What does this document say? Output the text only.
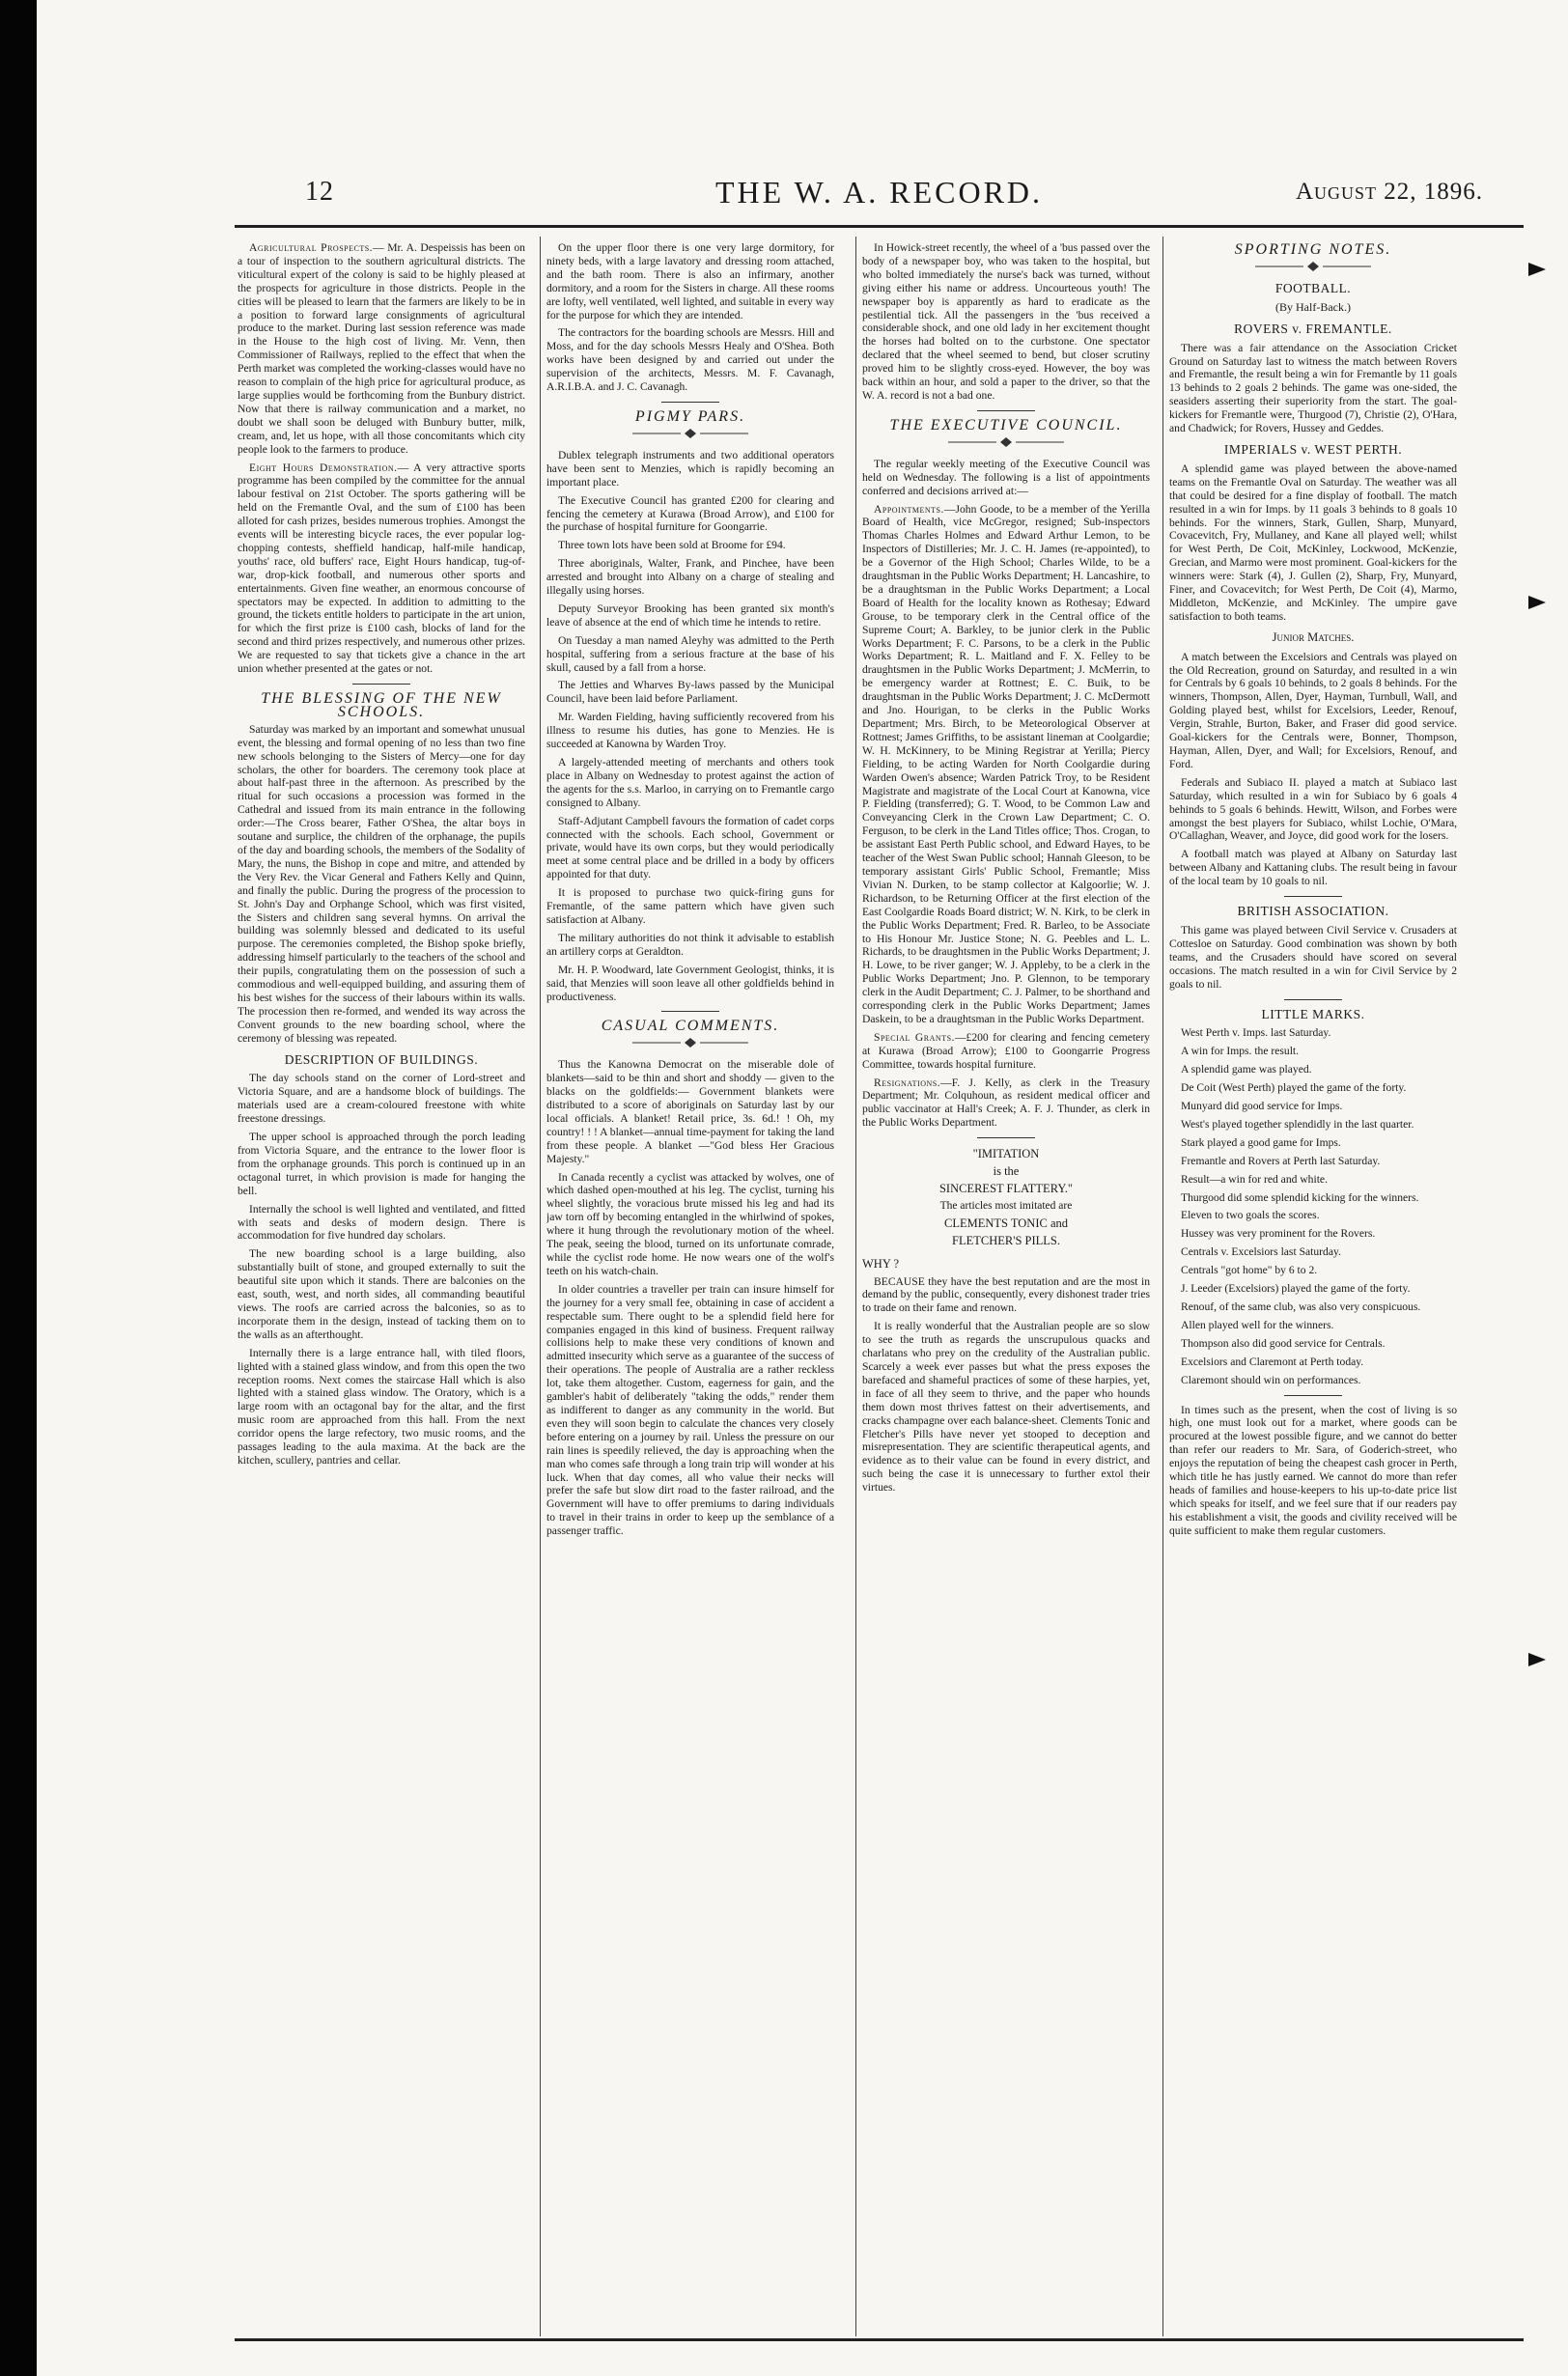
12	THE W. A. RECORD.	August 22, 1896.

Agricultural Prospects.— Mr. A. Despeissis has been on a tour of inspection to the southern agricultural districts. The viticultural expert of the colony is said to be highly pleased at the prospects for agriculture in those districts. People in the cities will be pleased to learn that the farmers are likely to be in a position to forward large consignments of agricultural produce to the market. During last session reference was made in the House to the high cost of living. Mr. Venn, then Commissioner of Railways, replied to the effect that when the Perth market was completed the working-classes would have no reason to complain of the high price for agricultural produce, as large supplies would be forthcoming from the Bunbury district. Now that there is railway communication and a market, no doubt we shall soon be deluged with Bunbury butter, milk, cream, and, let us hope, with all those concomitants which city people look to the farmers to produce.

Eight Hours Demonstration.— A very attractive sports programme has been compiled by the committee for the annual labour festival on 21st October. The sports gathering will be held on the Fremantle Oval, and the sum of £100 has been alloted for cash prizes, besides numerous trophies. Amongst the events will be interesting bicycle races, the ever popular log-chopping contests, sheffield handicap, half-mile handicap, youths' race, old buffers' race, Eight Hours handicap, tug-of-war, drop-kick football, and numerous other sports and entertainments. Given fine weather, an enormous concourse of spectators may be expected. In addition to admitting to the ground, the tickets entitle holders to participate in the art union, for which the first prize is £100 cash, blocks of land for the second and third prizes respectively, and numerous other prizes. We are requested to say that tickets give a chance in the art union whether presented at the gates or not.

THE BLESSING OF THE NEW SCHOOLS.

Saturday was marked by an important and somewhat unusual event, the blessing and formal opening of no less than two fine new schools belonging to the Sisters of Mercy—one for day scholars, the other for boarders. The ceremony took place at about half-past three in the afternoon. As prescribed by the ritual for such occasions a procession was formed in the Cathedral and issued from its main entrance in the following order:—The Cross bearer, Father O'Shea, the altar boys in soutane and surplice, the children of the orphanage, the pupils of the day and boarding schools, the members of the Sodality of Mary, the nuns, the Bishop in cope and mitre, and attended by the Very Rev. the Vicar General and Fathers Kelly and Quinn, and finally the public. During the progress of the procession to St. John's Day and Orphange School, which was first visited, the Sisters and children sang several hymns. On arrival the building was solemnly blessed and dedicated to its useful purpose. The ceremonies completed, the Bishop spoke briefly, addressing himself particularly to the teachers of the school and their pupils, congratulating them on the possession of such a commodious and well-equipped building, and assuring them of his best wishes for the success of their labours within its walls. The procession then re-formed, and wended its way across the Convent grounds to the new boarding school, where the ceremony of blessing was repeated.

DESCRIPTION OF BUILDINGS.

The day schools stand on the corner of Lord-street and Victoria Square, and are a handsome block of buildings. The materials used are a cream-coloured freestone with white freestone dressings.

The upper school is approached through the porch leading from Victoria Square, and the entrance to the lower floor is from the orphanage grounds. This porch is continued up in an octagonal turret, in which provision is made for hanging the bell.

Internally the school is well lighted and ventilated, and fitted with seats and desks of modern design. There is accommodation for five hundred day scholars.

The new boarding school is a large building, also substantially built of stone, and grouped externally to suit the beautiful site upon which it stands. There are balconies on the east, south, west, and north sides, all commanding beautiful views. The roofs are carried across the balconies, so as to incorporate them in the design, instead of tacking them on to the walls as an afterthought.

Internally there is a large entrance hall, with tiled floors, lighted with a stained glass window, and from this open the two reception rooms. Next comes the staircase Hall which is also lighted with a stained glass window. The Oratory, which is a large room with an octagonal bay for the altar, and the first music room are approached from this hall. From the next corridor opens the large refectory, two music rooms, and the passages leading to the aula maxima. At the back are the kitchen, scullery, pantries and cellar.

On the upper floor there is one very large dormitory, for ninety beds, with a large lavatory and dressing room attached, and the bath room. There is also an infirmary, another dormitory, and a room for the Sisters in charge. All these rooms are lofty, well ventilated, well lighted, and suitable in every way for the purpose for which they are intended.

The contractors for the boarding schools are Messrs. Hill and Moss, and for the day schools Messrs Healy and O'Shea. Both works have been designed by and carried out under the supervision of the architects, Messrs. M. F. Cavanagh, A.R.I.B.A. and J. C. Cavanagh.

PIGMY PARS.

Dublex telegraph instruments and two additional operators have been sent to Menzies, which is rapidly becoming an important place.

The Executive Council has granted £200 for clearing and fencing the cemetery at Kurawa (Broad Arrow), and £100 for the purchase of hospital furniture for Goongarrie.

Three town lots have been sold at Broome for £94.

Three aboriginals, Walter, Frank, and Pinchee, have been arrested and brought into Albany on a charge of stealing and illegally using horses.

Deputy Surveyor Brooking has been granted six month's leave of absence at the end of which time he intends to retire.

On Tuesday a man named Aleyhy was admitted to the Perth hospital, suffering from a serious fracture at the base of his skull, caused by a fall from a horse.

The Jetties and Wharves By-laws passed by the Municipal Council, have been laid before Parliament.

Mr. Warden Fielding, having sufficiently recovered from his illness to resume his duties, has gone to Menzies. He is succeeded at Kanowna by Warden Troy.

A largely-attended meeting of merchants and others took place in Albany on Wednesday to protest against the action of the agents for the s.s. Marloo, in carrying on to Fremantle cargo consigned to Albany.

Staff-Adjutant Campbell favours the formation of cadet corps connected with the schools. Each school, Government or private, would have its own corps, but they would periodically meet at some central place and be drilled in a body by officers appointed for that duty.

It is proposed to purchase two quick-firing guns for Fremantle, of the same pattern which have given such satisfaction at Albany.

The military authorities do not think it advisable to establish an artillery corps at Geraldton.

Mr. H. P. Woodward, late Government Geologist, thinks, it is said, that Menzies will soon leave all other goldfields behind in productiveness.

CASUAL COMMENTS.

Thus the Kanowna Democrat on the miserable dole of blankets—said to be thin and short and shoddy — given to the blacks on the goldfields:— Government blankets were distributed to a score of aboriginals on Saturday last by our local officials. A blanket! Retail price, 3s. 6d.! ! Oh, my country! ! ! A blanket—annual time-payment for taking the land from these people. A blanket —"God bless Her Gracious Majesty."

In Canada recently a cyclist was attacked by wolves, one of which dashed open-mouthed at his leg. The cyclist, turning his wheel slightly, the voracious brute missed his leg and had its jaw torn off by becoming entangled in the whirlwind of spokes, where it hung through the revolutionary motion of the wheel. The peak, seeing the blood, turned on its unfortunate comrade, while the cyclist rode home. He now wears one of the wolf's teeth on his watch-chain.

In older countries a traveller per train can insure himself for the journey for a very small fee, obtaining in case of accident a respectable sum. There ought to be a splendid field here for companies engaged in this kind of business. Frequent railway collisions help to make these very conditions of known and admitted insecurity which serve as a guarantee of the success of their operations. The people of Australia are a rather reckless lot, take them altogether. Custom, eagerness for gain, and the gambler's habit of deliberately "taking the odds," render them as indifferent to danger as any community in the world. But even they will soon begin to calculate the chances very closely before entering on a journey by rail. Unless the pressure on our rain lines is speedily relieved, the day is approaching when the man who comes safe through a long train trip will wonder at his luck. When that day comes, all who value their necks will prefer the safe but slow dirt road to the faster railroad, and the Government will have to offer premiums to daring individuals to travel in their trains in order to keep up the semblance of a passenger traffic.

In Howick-street recently, the wheel of a 'bus passed over the body of a newspaper boy, who was taken to the hospital, but who bolted immediately the nurse's back was turned, without giving either his name or address. Uncourteous youth! The newspaper boy is apparently as hard to eradicate as the pestilential tick. All the passengers in the 'bus received a considerable shock, and one old lady in her excitement thought the horses had bolted on to the curbstone. One spectator declared that the wheel seemed to bend, but closer scrutiny proved him to be slightly cross-eyed. However, the boy was back within an hour, and sold a paper to the driver, so that the W. A. record is not a bad one.

THE EXECUTIVE COUNCIL.

The regular weekly meeting of the Executive Council was held on Wednesday. The following is a list of appointments conferred and decisions arrived at:—

Appointments.—John Goode, to be a member of the Yerilla Board of Health, vice McGregor, resigned; Sub-inspectors Thomas Charles Holmes and Edward Arthur Lemon, to be Inspectors of Distilleries; Mr. J. C. H. James (re-appointed), to be a Governor of the High School; Charles Wilde, to be a draughtsman in the Public Works Department; H. Lancashire, to be a draughtsman in the Public Works Department; a Local Board of Health for the locality known as Rothesay; Edward Grouse, to be temporary clerk in the Central office of the Supreme Court; A. Barkley, to be junior clerk in the Public Works Department; F. C. Parsons, to be a clerk in the Public Works Department; R. L. Maitland and F. X. Felley to be draughtsmen in the Public Works Department; J. McMerrin, to be emergency warder at Rottnest; E. C. Buik, to be draughtsman in the Public Works Department; J. C. McDermott and Jno. Hourigan, to be clerks in the Public Works Department; Mrs. Birch, to be Meteorological Observer at Rottnest; James Griffiths, to be assistant lineman at Coolgardie; W. H. McKinnery, to be Mining Registrar at Yerilla; Piercy Fielding, to be acting Warden for North Coolgardie during Warden Owen's absence; Warden Patrick Troy, to be Resident Magistrate and magistrate of the Local Court at Kanowna, vice P. Fielding (transferred); G. T. Wood, to be Common Law and Conveyancing Clerk in the Crown Law Department; C. O. Ferguson, to be clerk in the Land Titles office; Thos. Crogan, to be assistant East Perth Public school, and Edward Hayes, to be teacher of the West Swan Public school; Hannah Gleeson, to be temporary assistant Girls' Public School, Fremantle; Miss Vivian N. Durken, to be stamp collector at Kalgoorlie; W. J. Richardson, to be Returning Officer at the first election of the East Coolgardie Roads Board district; W. N. Kirk, to be clerk in the Public Works Department; Fred. R. Barleo, to be Associate to His Honour Mr. Justice Stone; N. G. Peebles and L. L. Richards, to be draughtsmen in the Public Works Department; J. H. Lowe, to be river ganger; W. J. Appleby, to be a clerk in the Public Works Department; Jno. P. Glennon, to be temporary clerk in the Audit Department; C. J. Palmer, to be shorthand and corresponding clerk in the Public Works Department; James Daskein, to be a draughtsman in the Public Works Department.

Special Grants.—£200 for clearing and fencing cemetery at Kurawa (Broad Arrow); £100 to Goongarrie Progress Committee, towards hospital furniture.

Resignations.—F. J. Kelly, as clerk in the Treasury Department; Mr. Colquhoun, as resident medical officer and public vaccinator at Hall's Creek; A. F. J. Thunder, as clerk in the Public Works Department.

"IMITATION
is the
SINCEREST FLATTERY."
The articles most imitated are
CLEMENTS TONIC and
FLETCHER'S PILLS.
WHY ?

BECAUSE they have the best reputation and are the most in demand by the public, consequently, every dishonest trader tries to trade on their fame and renown.

It is really wonderful that the Australian people are so slow to see the truth as regards the unscrupulous quacks and charlatans who prey on the credulity of the Australian public. Scarcely a week ever passes but what the press exposes the barefaced and shameful practices of some of these harpies, yet, in face of all they seem to thrive, and the paper who hounds them down most thrives fattest on their advertisements, and cracks champagne over each balance-sheet. Clements Tonic and Fletcher's Pills have never yet stooped to deception and misrepresentation. They are scientific therapeutical agents, and evidence as to their value can be found in every district, and such being the case it is unnecessary to further extol their virtues.

SPORTING NOTES.
FOOTBALL.
(By Half-Back.)
ROVERS v. FREMANTLE.

There was a fair attendance on the Association Cricket Ground on Saturday last to witness the match between Rovers and Fremantle, the result being a win for Fremantle by 11 goals 13 behinds to 2 goals 2 behinds. The game was one-sided, the seasiders asserting their superiority from the start. The goal-kickers for Fremantle were, Thurgood (7), Christie (2), O'Hara, and Chadwick; for Rovers, Hussey and Geddes.

IMPERIALS v. WEST PERTH.

A splendid game was played between the above-named teams on the Fremantle Oval on Saturday. The weather was all that could be desired for a fine display of football. The match resulted in a win for Imps. by 11 goals 3 behinds to 8 goals 10 behinds. For the winners, Stark, Gullen, Sharp, Munyard, Covacevitch, Fry, Mullaney, and Kane all played well; whilst for West Perth, De Coit, McKinley, Lockwood, McKenzie, Grecian, and Marmo were most prominent. Goal-kickers for the winners were: Stark (4), J. Gullen (2), Sharp, Fry, Munyard, Finer, and Covacevitch; for West Perth, De Coit (4), Marmo, Middleton, McKenzie, and McKinley. The umpire gave satisfaction to both teams.

Junior Matches.

A match between the Excelsiors and Centrals was played on the Old Recreation, ground on Saturday, and resulted in a win for Centrals by 6 goals 10 behinds, to 2 goals 8 behinds. For the winners, Thompson, Allen, Dyer, Hayman, Turnbull, Wall, and Golding played best, whilst for Excelsiors, Leeder, Renouf, Vergin, Strahle, Burton, Baker, and Fraser did good service. Goal-kickers for the Centrals were, Bonner, Thompson, Hayman, Allen, Dyer, and Wall; for Excelsiors, Renouf, and Ford.

Federals and Subiaco II. played a match at Subiaco last Saturday, which resulted in a win for Subiaco by 6 goals 4 behinds to 5 goals 6 behinds. Hewitt, Wilson, and Forbes were amongst the best players for Subiaco, whilst Lochie, O'Mara, O'Callaghan, Weaver, and Joyce, did good work for the losers.

A football match was played at Albany on Saturday last between Albany and Kattaning clubs. The result being in favour of the local team by 10 goals to nil.

BRITISH ASSOCIATION.

This game was played between Civil Service v. Crusaders at Cottesloe on Saturday. Good combination was shown by both teams, and the Crusaders should have scored on several occasions. The match resulted in a win for Civil Service by 2 goals to nil.

LITTLE MARKS.

West Perth v. Imps. last Saturday.

A win for Imps. the result.

A splendid game was played.

De Coit (West Perth) played the game of the forty.

Munyard did good service for Imps.

West's played together splendidly in the last quarter.

Stark played a good game for Imps.

Fremantle and Rovers at Perth last Saturday.

Result—a win for red and white.

Thurgood did some splendid kicking for the winners.

Eleven to two goals the scores.

Hussey was very prominent for the Rovers.

Centrals v. Excelsiors last Saturday.

Centrals "got home" by 6 to 2.

J. Leeder (Excelsiors) played the game of the forty.

Renouf, of the same club, was also very conspicuous.

Allen played well for the winners.

Thompson also did good service for Centrals.

Excelsiors and Claremont at Perth today.

Claremont should win on performances.

In times such as the present, when the cost of living is so high, one must look out for a market, where goods can be procured at the lowest possible figure, and we cannot do better than refer our readers to Mr. Sara, of Goderich-street, who enjoys the reputation of being the cheapest cash grocer in Perth, which title he has justly earned. We cannot do more than refer heads of families and house-keepers to his up-to-date price list which speaks for itself, and we feel sure that if our readers pay his establishment a visit, the goods and civility received will be quite sufficient to make them regular customers.
